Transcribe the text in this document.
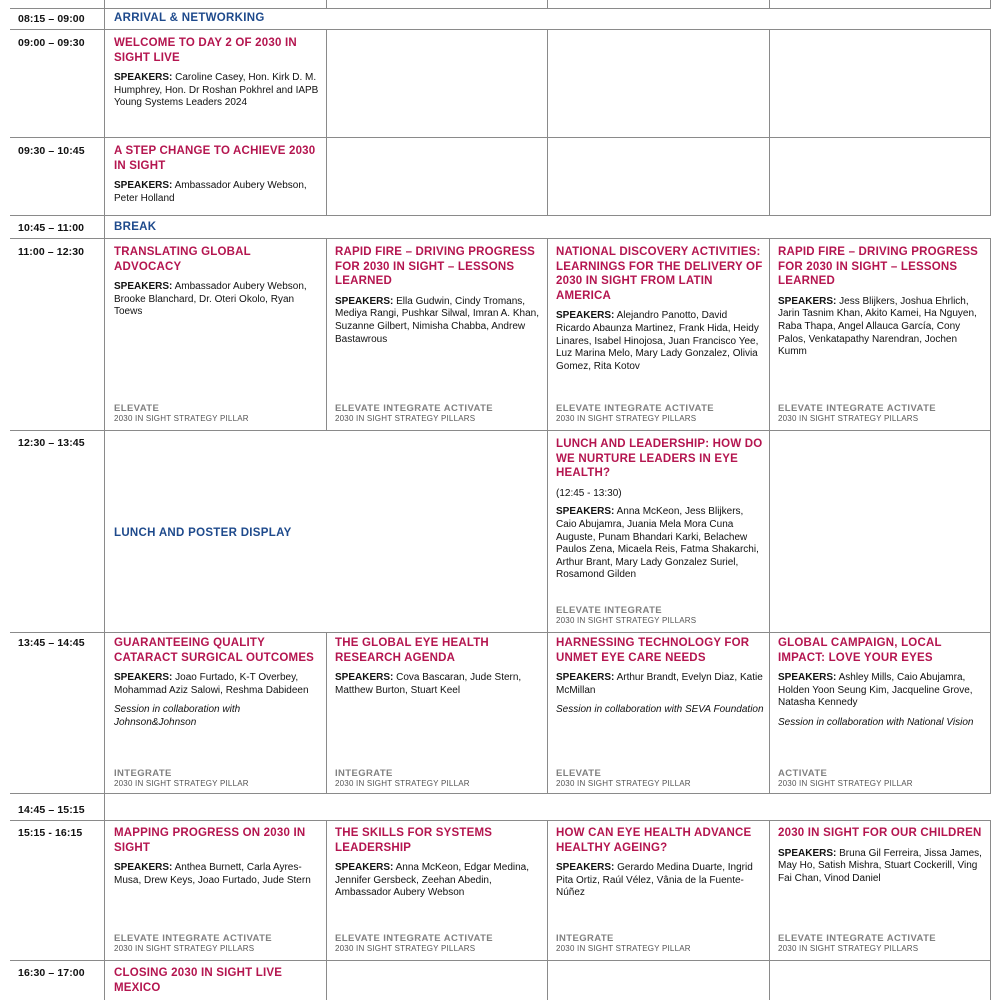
08:15 – 09:00
09:00 – 09:30
09:30 – 10:45
10:45 – 11:00
11:00 – 12:30
12:30 – 13:45
13:45 – 14:45
14:45 – 15:15
15:15 - 16:15
16:30 – 17:00
ARRIVAL & NETWORKING
BREAK
LUNCH AND POSTER DISPLAY
WELCOME TO DAY 2 OF 2030 IN SIGHT LIVE
SPEAKERS: Caroline Casey, Hon. Kirk D. M. Humphrey, Hon. Dr Roshan Pokhrel and IAPB Young Systems Leaders 2024
A STEP CHANGE TO ACHIEVE 2030 IN SIGHT
SPEAKERS: Ambassador Aubery Webson, Peter Holland
TRANSLATING GLOBAL ADVOCACY
SPEAKERS: Ambassador Aubery Webson, Brooke Blanchard, Dr. Oteri Okolo, Ryan Toews
ELEVATE
2030 IN SIGHT STRATEGY PILLAR
RAPID FIRE – DRIVING PROGRESS FOR 2030 IN SIGHT – LESSONS LEARNED
SPEAKERS: Ella Gudwin, Cindy Tromans, Mediya Rangi, Pushkar Silwal, Imran A. Khan, Suzanne Gilbert, Nimisha Chabba, Andrew Bastawrous
ELEVATE INTEGRATE ACTIVATE
2030 IN SIGHT STRATEGY PILLARS
NATIONAL DISCOVERY ACTIVITIES: LEARNINGS FOR THE DELIVERY OF 2030 IN SIGHT FROM LATIN AMERICA
SPEAKERS: Alejandro Panotto, David Ricardo Abaunza Martinez, Frank Hida, Heidy Linares, Isabel Hinojosa, Juan Francisco Yee, Luz Marina Melo, Mary Lady Gonzalez, Olivia Gomez, Rita Kotov
ELEVATE INTEGRATE ACTIVATE
2030 IN SIGHT STRATEGY PILLARS
RAPID FIRE – DRIVING PROGRESS FOR 2030 IN SIGHT – LESSONS LEARNED
SPEAKERS: Jess Blijkers, Joshua Ehrlich, Jarin Tasnim Khan, Akito Kamei, Ha Nguyen, Raba Thapa, Angel Allauca García, Cony Palos, Venkatapathy Narendran, Jochen Kumm
ELEVATE INTEGRATE ACTIVATE
2030 IN SIGHT STRATEGY PILLARS
LUNCH AND LEADERSHIP: HOW DO WE NURTURE LEADERS IN EYE HEALTH?
(12:45 - 13:30)
SPEAKERS: Anna McKeon, Jess Blijkers, Caio Abujamra, Juania Mela Mora Cuna Auguste, Punam Bhandari Karki, Belachew Paulos Zena, Micaela Reis, Fatma Shakarchi, Arthur Brant, Mary Lady Gonzalez Suriel, Rosamond Gilden
ELEVATE INTEGRATE
2030 IN SIGHT STRATEGY PILLARS
GUARANTEEING QUALITY CATARACT SURGICAL OUTCOMES
SPEAKERS: Joao Furtado, K-T Overbey, Mohammad Aziz Salowi, Reshma Dabideen
Session in collaboration with Johnson&Johnson
INTEGRATE
2030 IN SIGHT STRATEGY PILLAR
THE GLOBAL EYE HEALTH RESEARCH AGENDA
SPEAKERS: Cova Bascaran, Jude Stern, Matthew Burton, Stuart Keel
INTEGRATE
2030 IN SIGHT STRATEGY PILLAR
HARNESSING TECHNOLOGY FOR UNMET EYE CARE NEEDS
SPEAKERS: Arthur Brandt, Evelyn Diaz, Katie McMillan
Session in collaboration with SEVA Foundation
ELEVATE
2030 IN SIGHT STRATEGY PILLAR
GLOBAL CAMPAIGN, LOCAL IMPACT: LOVE YOUR EYES
SPEAKERS: Ashley Mills, Caio Abujamra, Holden Yoon Seung Kim, Jacqueline Grove, Natasha Kennedy
Session in collaboration with National Vision
ACTIVATE
2030 IN SIGHT STRATEGY PILLAR
MAPPING PROGRESS ON 2030 IN SIGHT
SPEAKERS: Anthea Burnett, Carla Ayres-Musa, Drew Keys, Joao Furtado, Jude Stern
ELEVATE INTEGRATE ACTIVATE
2030 IN SIGHT STRATEGY PILLARS
THE SKILLS FOR SYSTEMS LEADERSHIP
SPEAKERS: Anna McKeon, Edgar Medina, Jennifer Gersbeck, Zeehan Abedin, Ambassador Aubery Webson
ELEVATE INTEGRATE ACTIVATE
2030 IN SIGHT STRATEGY PILLARS
HOW CAN EYE HEALTH ADVANCE HEALTHY AGEING?
SPEAKERS: Gerardo Medina Duarte, Ingrid Pita Ortiz, Raúl Vélez, Vânia de la Fuente-Núñez
INTEGRATE
2030 IN SIGHT STRATEGY PILLAR
2030 IN SIGHT FOR OUR CHILDREN
SPEAKERS: Bruna Gil Ferreira, Jissa James, May Ho, Satish Mishra, Stuart Cockerill, Ving Fai Chan, Vinod Daniel
ELEVATE INTEGRATE ACTIVATE
2030 IN SIGHT STRATEGY PILLARS
CLOSING 2030 IN SIGHT LIVE MEXICO
